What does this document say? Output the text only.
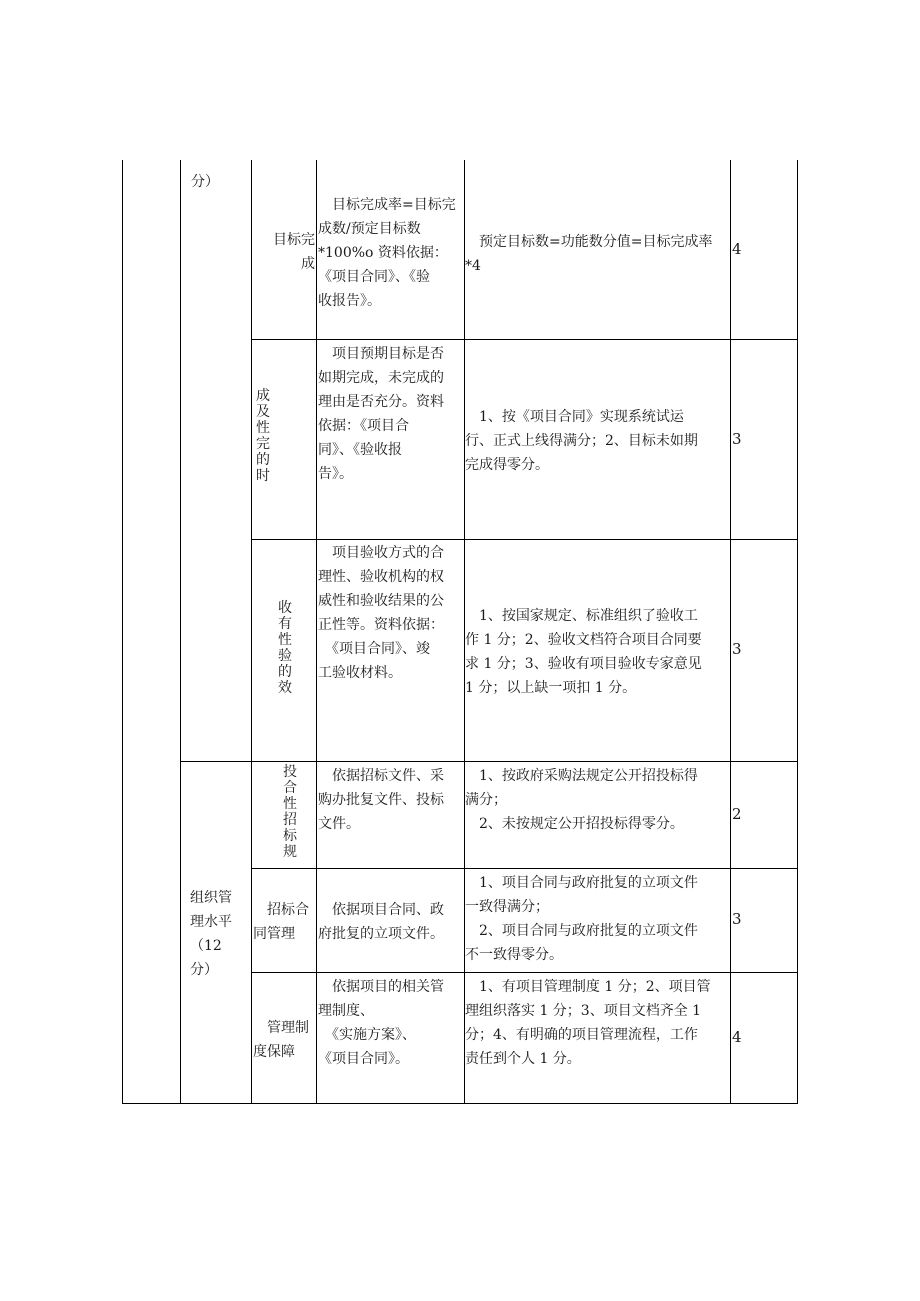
分）
目标完
成
　目标完成率=目标完
成数/预定目标数
*100%o 资料依据：
《项目合同》、《验
收报告》。
　预定目标数=功能数分值=目标完成率
*4
4
成
及
性
完
的
时
　项目预期目标是否
如期完成，未完成的
理由是否充分。资料
依据：《项目合
同》、《验收报
告》。
　1、按《项目合同》实现系统试运
行、正式上线得满分；2、目标未如期
完成得零分。
3
收
有
性
验
的
效
　项目验收方式的合
理性、验收机构的权
威性和验收结果的公
正性等。资料依据：
　《项目合同》、竣
工验收材料。
　1、按国家规定、标准组织了验收工
作 1 分；2、验收文档符合项目合同要
求 1 分；3、验收有项目验收专家意见
1 分；以上缺一项扣 1 分。
3
组织管
理水平
（12
分）
投
合
性
招
标
规
　依据招标文件、采
购办批复文件、投标
文件。
　1、按政府采购法规定公开招投标得
满分；
　2、未按规定公开招投标得零分。
2
　招标合
同管理
　依据项目合同、政
府批复的立项文件。
　1、项目合同与政府批复的立项文件
一致得满分；
　2、项目合同与政府批复的立项文件
不一致得零分。
3
　管理制
度保障
　依据项目的相关管
理制度、
　《实施方案》、
《项目合同》。
　1、有项目管理制度 1 分；2、项目管
理组织落实 1 分；3、项目文档齐全 1
分；4、有明确的项目管理流程，工作
责任到个人 1 分。
4
